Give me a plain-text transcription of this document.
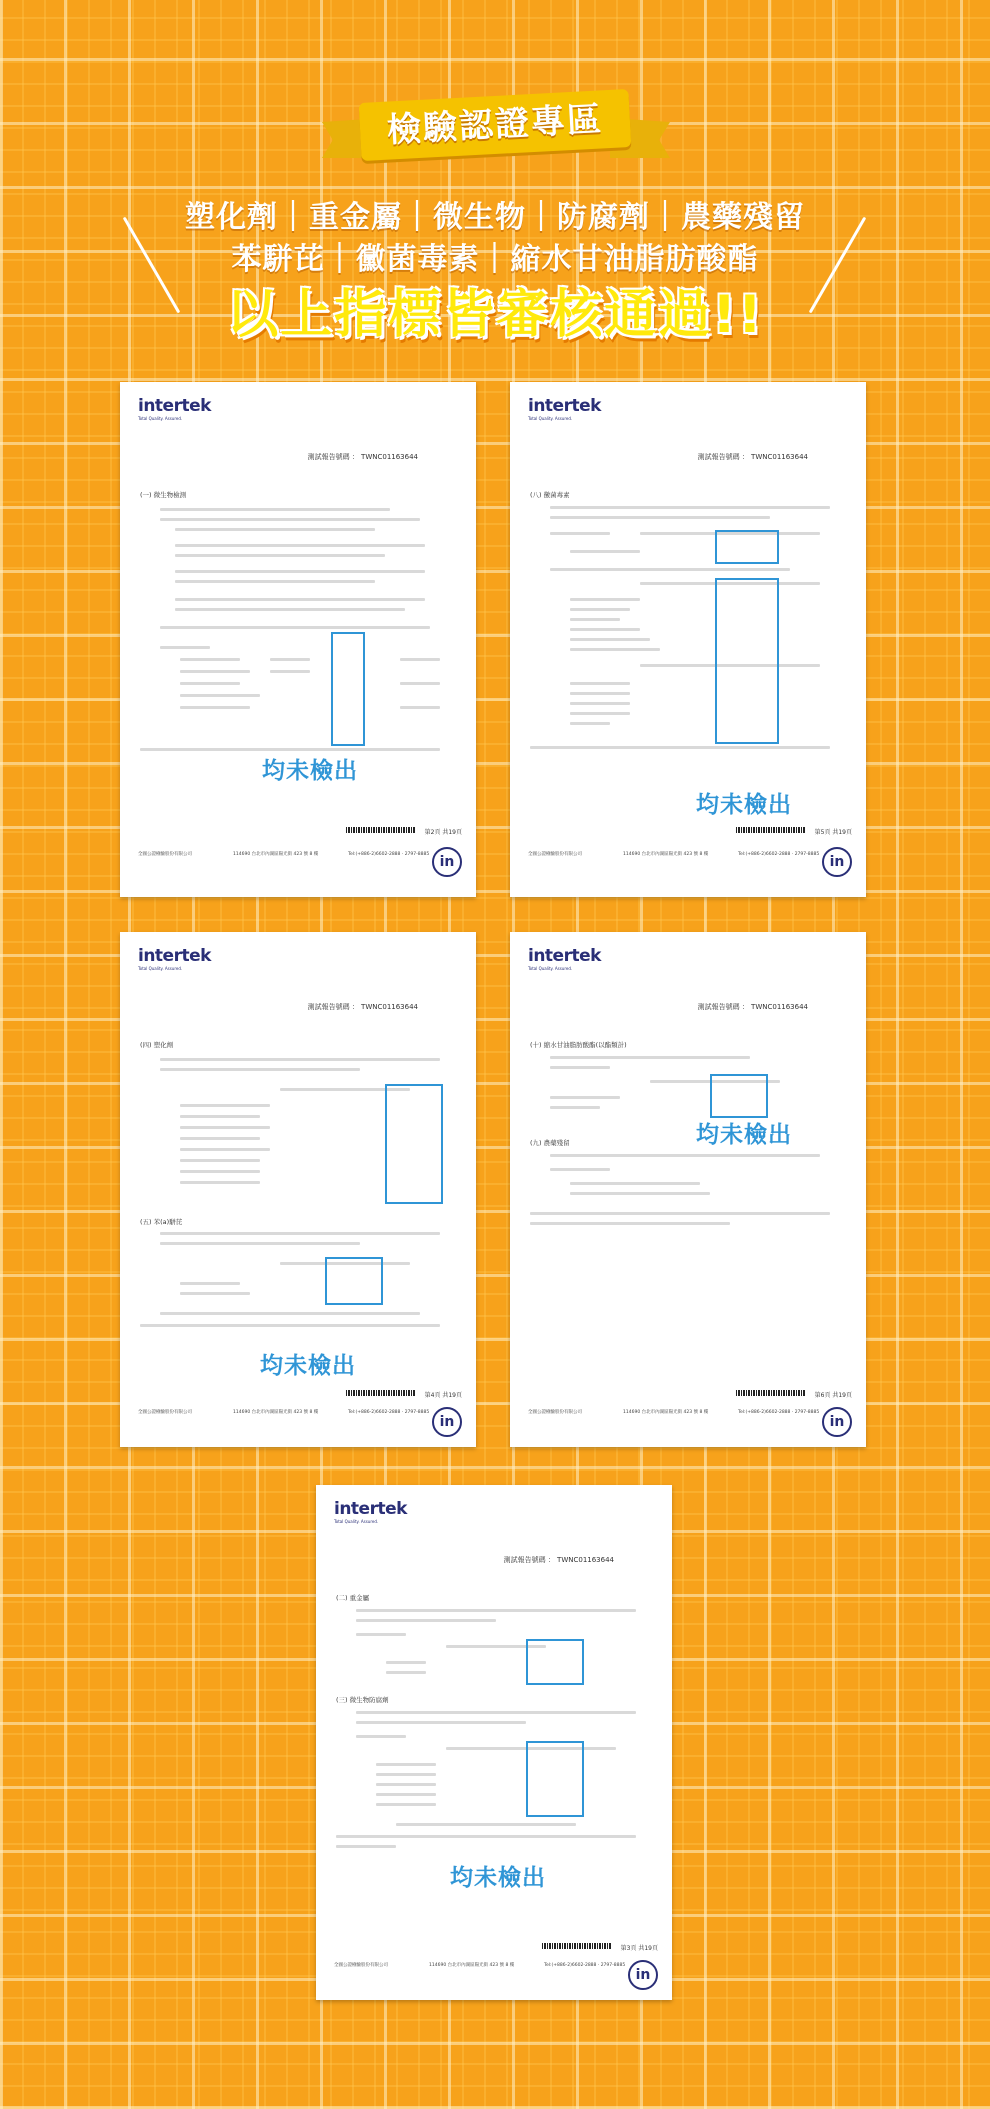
檢驗認證專區
塑化劑｜重金屬｜微生物｜防腐劑｜農藥殘留
苯駢芘｜黴菌毒素｜縮水甘油脂肪酸酯
以上指標皆審核通過!!
intertek
Total Quality. Assured.
測試報告號碼 ： TWNC01163644
(一) 微生物檢測
均未檢出
第2頁 共19頁
全國公證檢驗股份有限公司	114690 台北市內湖區陽光街 423 號 8 樓	Tel:(+886-2)6602-2888 · 2797-8885 in
intertek
Total Quality. Assured.
測試報告號碼 ： TWNC01163644
(八) 黴菌毒素
均未檢出
第5頁 共19頁
全國公證檢驗股份有限公司	114690 台北市內湖區陽光街 423 號 8 樓	Tel:(+886-2)6602-2888 · 2797-8885 in
intertek
Total Quality. Assured.
測試報告號碼 ： TWNC01163644
(四) 塑化劑
(五) 苯(a)駢芘
均未檢出
第4頁 共19頁
全國公證檢驗股份有限公司	114690 台北市內湖區陽光街 423 號 8 樓	Tel:(+886-2)6602-2888 · 2797-8885
in
intertek
Total Quality. Assured.
測試報告號碼 ： TWNC01163644
(十) 縮水甘油脂肪酸酯(以酯類計)
均未檢出
(九) 農藥殘留
第6頁 共19頁
全國公證檢驗股份有限公司	114690 台北市內湖區陽光街 423 號 8 樓	Tel:(+886-2)6602-2888 · 2797-8885
in
intertek
Total Quality. Assured.
測試報告號碼 ： TWNC01163644
(二) 重金屬
(三) 微生物防腐劑
均未檢出
第3頁 共19頁
全國公證檢驗股份有限公司	114690 台北市內湖區陽光街 423 號 8 樓	Tel:(+886-2)6602-2888 · 2797-8885
in
